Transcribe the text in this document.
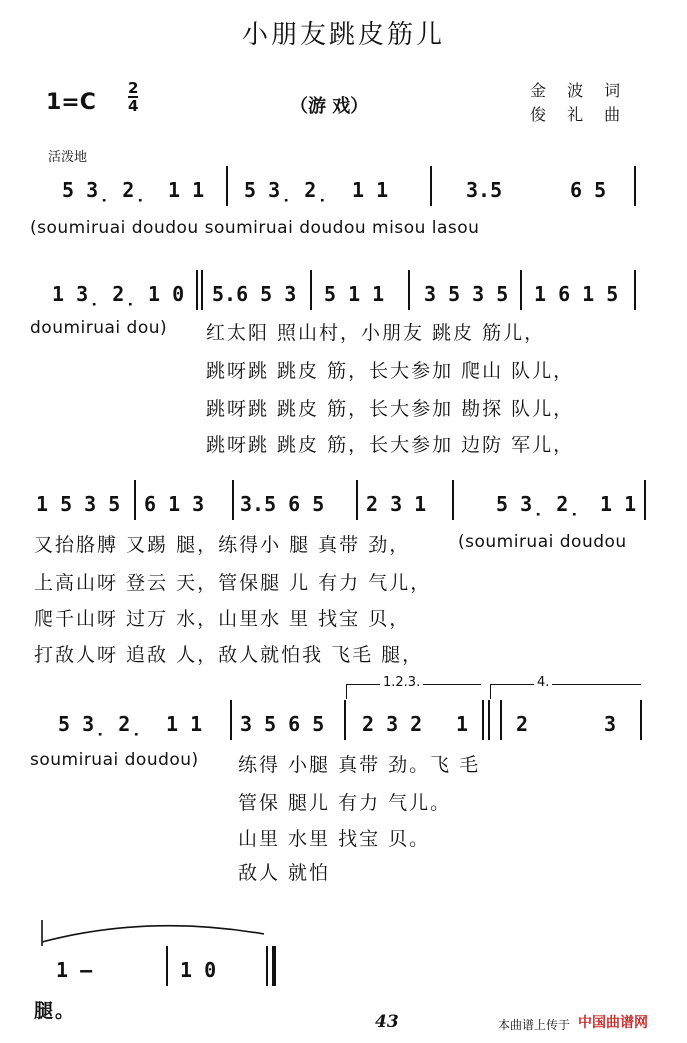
小朋友跳皮筋儿
1=C
2
4	（游 戏）
金 波 词
俊 礼 曲
活泼地
5 3̣ 2̣ 1 1 5 3̣ 2̣ 1 1	3.5	6 5
(soumiruai doudou soumiruai doudou misou lasou
1 3̣ 2̣ 1 0 5.6 5 3 5 1 1 3 5 3 5 1 6 1 5
doumiruai dou) 红太阳 照山村，小朋友 跳皮 筋儿，
跳呀跳 跳皮 筋，长大参加 爬山 队儿，
跳呀跳 跳皮 筋，长大参加 勘探 队儿，
跳呀跳 跳皮 筋，长大参加 边防 军儿，
1 5 3 5 6 1 3 3.5 6 5 2 3 1	5 3̣ 2̣ 1 1
又抬胳膊 又踢 腿，练得小 腿 真带 劲，	(soumiruai doudou
上高山呀 登云 天，管保腿 儿 有力 气儿，
爬千山呀 过万 水，山里水 里 找宝 贝，
打敌人呀 追敌 人，敌人就怕我 飞毛 腿，
1.2.3.	4.
5 3̣ 2̣ 1 1 3 5 6 5 2 3 2 1 2	3
soumiruai doudou) 练得 小腿 真带 劲。飞 毛
管保 腿儿 有力 气儿。
山里 水里 找宝 贝。
敌人 就怕
1 —	1 0
腿。	43	本曲谱上传于 中国曲谱网
